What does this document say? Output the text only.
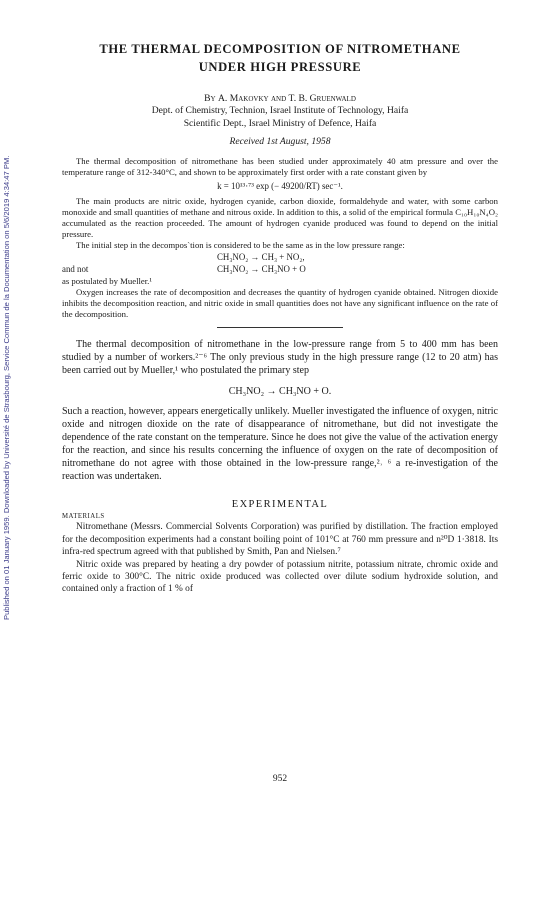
Published on 01 January 1959. Downloaded by Université de Strasbourg, Service Commun de la Documentation on 5/6/2019 4:34:47 PM.
THE THERMAL DECOMPOSITION OF NITROMETHANE
UNDER HIGH PRESSURE
By A. Makovky and T. B. Gruenwald
Dept. of Chemistry, Technion, Israel Institute of Technology, Haifa
Scientific Dept., Israel Ministry of Defence, Haifa
Received 1st August, 1958

The thermal decomposition of nitromethane has been studied under approximately 40 atm pressure and over the temperature range of 312-340°C, and shown to be approximately first order with a rate constant given by

k = 10¹³·⁷³ exp (− 49200/RT) sec⁻¹.

The main products are nitric oxide, hydrogen cyanide, carbon dioxide, formaldehyde and water, with some carbon monoxide and small quantities of methane and nitrous oxide. In addition to this, a solid of the empirical formula C₁₀H₁₀N₄O₂ accumulated as the reaction proceeded. The amount of hydrogen cyanide produced was found to depend on the initial pressure.

The initial step in the decompos`tion is considered to be the same as in the low pressure range:

CH₃NO₂ → CH₃ + NO₂,
and not	CH₃NO₂ → CH₃NO + O

as postulated by Mueller.¹

Oxygen increases the rate of decomposition and decreases the quantity of hydrogen cyanide obtained. Nitrogen dioxide inhibits the decomposition reaction, and nitric oxide in small quantities does not have any significant influence on the rate of the decomposition.

The thermal decomposition of nitromethane in the low-pressure range from 5 to 400 mm has been studied by a number of workers.²⁻⁶ The only previous study in the high pressure range (12 to 20 atm) has been carried out by Mueller,¹ who postulated the primary step

CH₃NO₂ → CH₃NO + O.

Such a reaction, however, appears energetically unlikely. Mueller investigated the influence of oxygen, nitric oxide and nitrogen dioxide on the rate of disappearance of nitromethane, but did not investigate the dependence of the rate constant on the temperature. Since he does not give the value of the activation energy for the reaction, and since his results concerning the influence of oxygen on the rate of decomposition of nitromethane do not agree with those obtained in the low-pressure range,²˒ ⁶ a re-investigation of the reaction was undertaken.

EXPERIMENTAL
MATERIALS

Nitromethane (Messrs. Commercial Solvents Corporation) was purified by distillation. The fraction employed for the decomposition experiments had a constant boiling point of 101°C at 760 mm pressure and n²⁰D 1·3818. Its infra-red spectrum agreed with that published by Smith, Pan and Nielsen.⁷

Nitric oxide was prepared by heating a dry powder of potassium nitrite, potassium nitrate, chromic oxide and ferric oxide to 300°C. The nitric oxide produced was collected over dilute sodium hydroxide solution, and contained only a fraction of 1 % of

952
